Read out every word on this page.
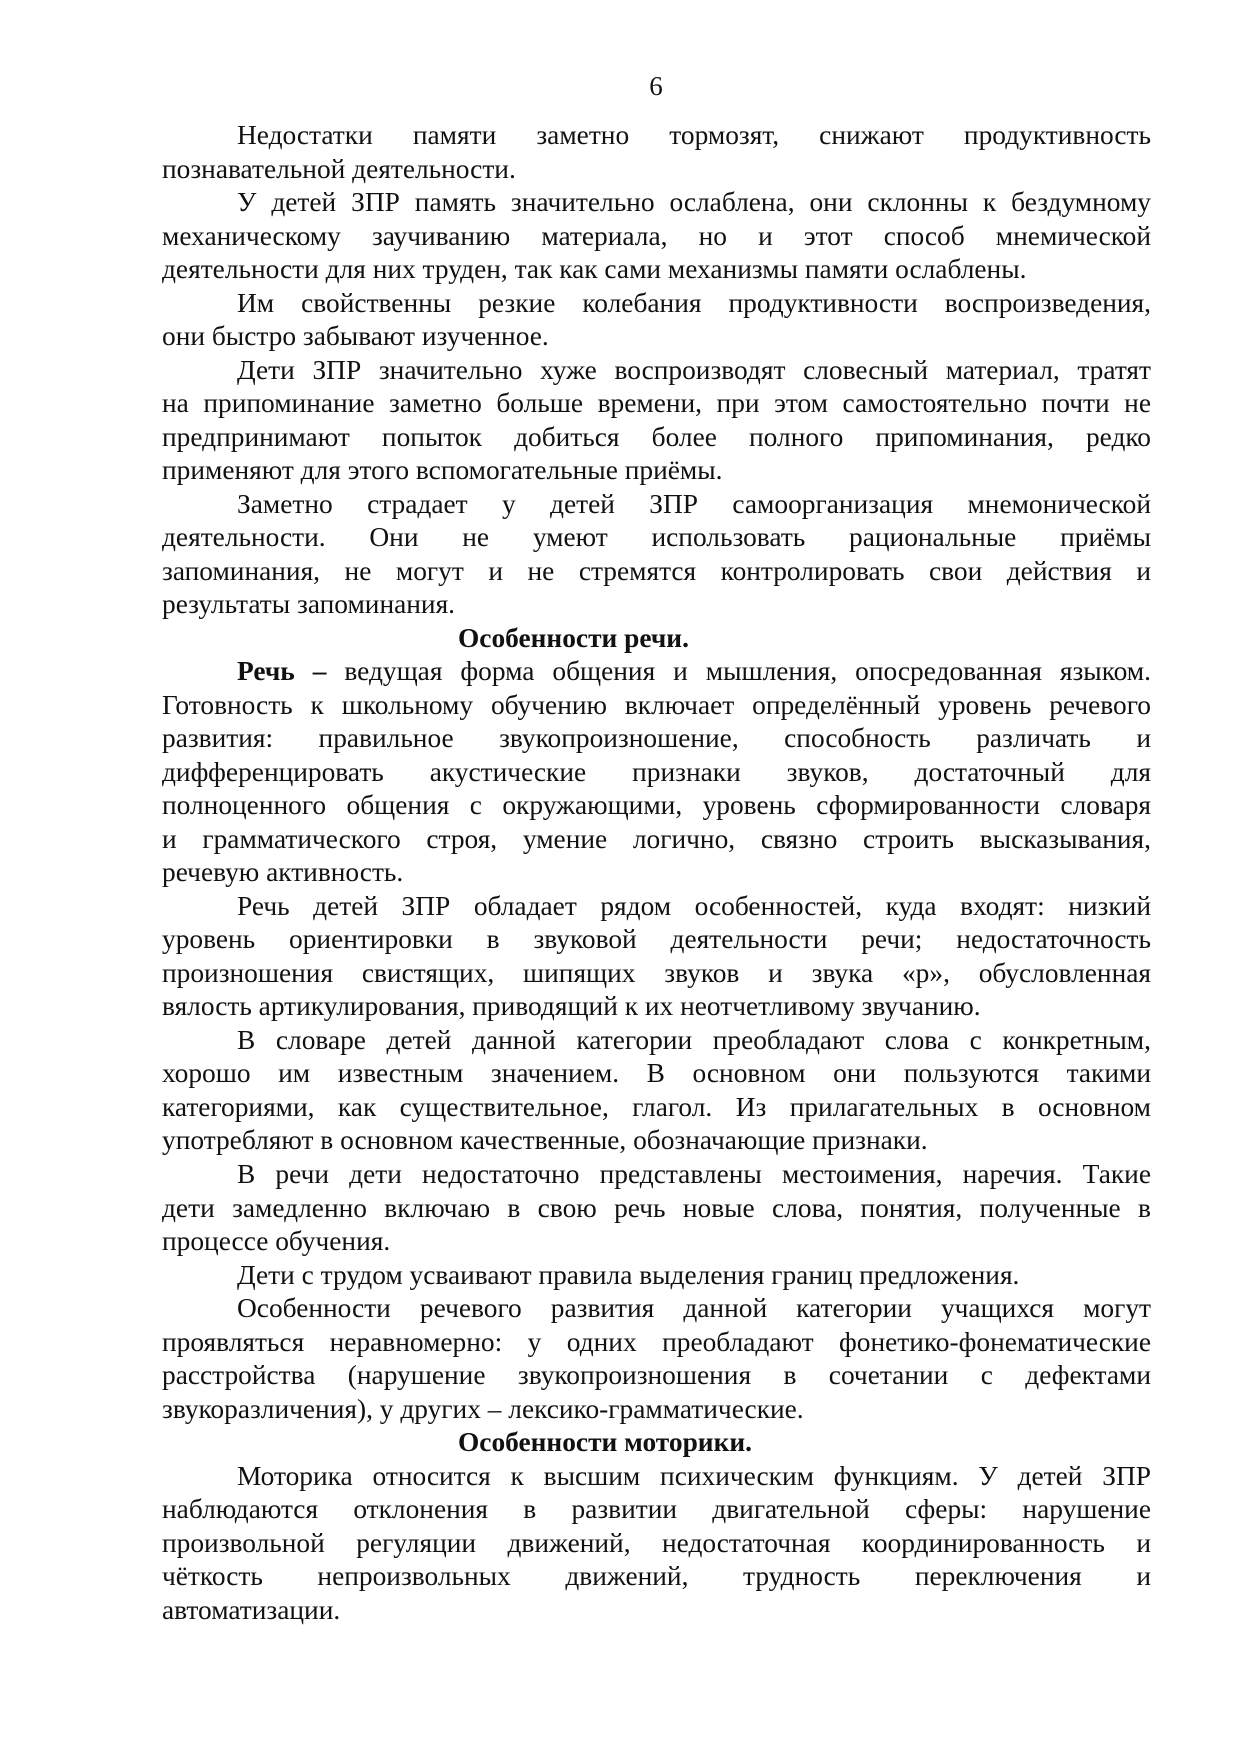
6
Недостатки памяти заметно тормозят, снижают продуктивность
познавательной деятельности.
У детей ЗПР память значительно ослаблена, они склонны к бездумному
механическому заучиванию материала, но и этот способ мнемической
деятельности для них труден, так как сами механизмы памяти ослаблены.
Им свойственны резкие колебания продуктивности воспроизведения,
они быстро забывают изученное.
Дети ЗПР значительно хуже воспроизводят словесный материал, тратят
на припоминание заметно больше времени, при этом самостоятельно почти не
предпринимают попыток добиться более полного припоминания, редко
применяют для этого вспомогательные приёмы.
Заметно страдает у детей ЗПР самоорганизация мнемонической
деятельности. Они не умеют использовать рациональные приёмы
запоминания, не могут и не стремятся контролировать свои действия и
результаты запоминания.
Особенности речи.
Речь – ведущая форма общения и мышления, опосредованная языком.
Готовность к школьному обучению включает определённый уровень речевого
развития: правильное звукопроизношение, способность различать и
дифференцировать акустические признаки звуков, достаточный для
полноценного общения с окружающими, уровень сформированности словаря
и грамматического строя, умение логично, связно строить высказывания,
речевую активность.
Речь детей ЗПР обладает рядом особенностей, куда входят: низкий
уровень ориентировки в звуковой деятельности речи; недостаточность
произношения свистящих, шипящих звуков и звука «р», обусловленная
вялость артикулирования, приводящий к их неотчетливому звучанию.
В словаре детей данной категории преобладают слова с конкретным,
хорошо им известным значением. В основном они пользуются такими
категориями, как существительное, глагол. Из прилагательных в основном
употребляют в основном качественные, обозначающие признаки.
В речи дети недостаточно представлены местоимения, наречия. Такие
дети замедленно включаю в свою речь новые слова, понятия, полученные в
процессе обучения.
Дети с трудом усваивают правила выделения границ предложения.
Особенности речевого развития данной категории учащихся могут
проявляться неравномерно: у одних преобладают фонетико-фонематические
расстройства (нарушение звукопроизношения в сочетании с дефектами
звукоразличения), у других – лексико-грамматические.
Особенности моторики.
Моторика относится к высшим психическим функциям. У детей ЗПР
наблюдаются отклонения в развитии двигательной сферы: нарушение
произвольной регуляции движений, недостаточная координированность и
чёткость непроизвольных движений, трудность переключения и
автоматизации.
